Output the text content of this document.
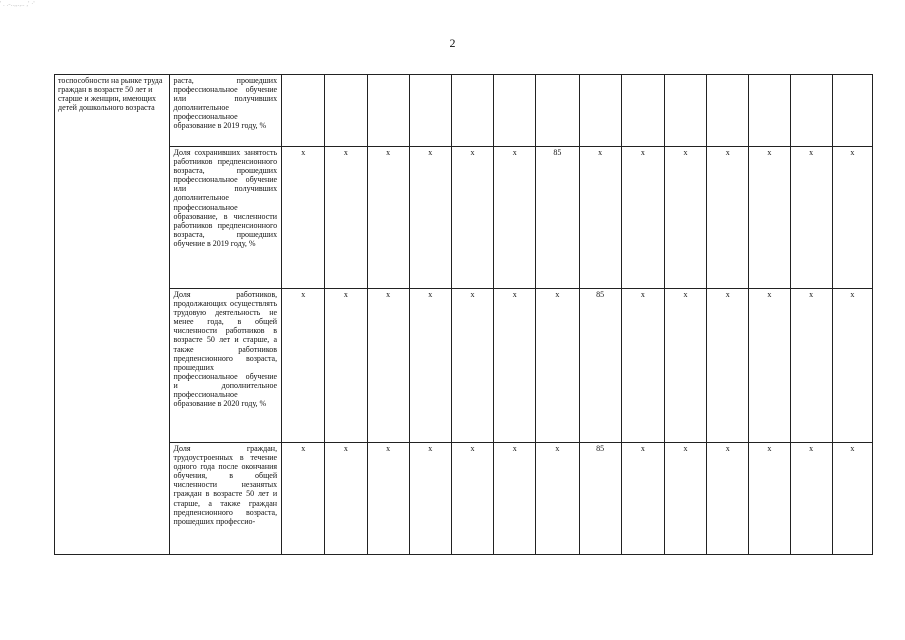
' . .-..,,.,.. ,' ·'
2
тоспособности на рынке труда граждан в возрасте 50 лет и старше и женщин, имеющих детей дошкольного возраста	раста, прошедших профессиональное обучение или получивших дополнительное профессиональное образование в 2019 году, %														

	Доля сохранивших занятость работников предпенсионного возраста, прошедших профессиональное обучение или получивших дополнительное профессиональное образование, в численности работников предпенсионного возраста, прошедших обучение в 2019 году, %	x	x	x	x	x	x	85	x	x	x	x	x	x	x

	Доля работников, продолжающих осуществлять трудовую деятельность не менее года, в общей численности работников в возрасте 50 лет и старше, а также работников предпенсионного возраста, прошедших профессиональное обучение и дополнительное профессиональное образование в 2020 году, %	x	x	x	x	x	x	x	85	x	x	x	x	x	x

	Доля граждан, трудоустроенных в течение одного года после окончания обучения, в общей численности незанятых граждан в возрасте 50 лет и старше, а также граждан предпенсионного возраста, прошедших профессио-	x	x	x	x	x	x	x	85	x	x	x	x	x	x
